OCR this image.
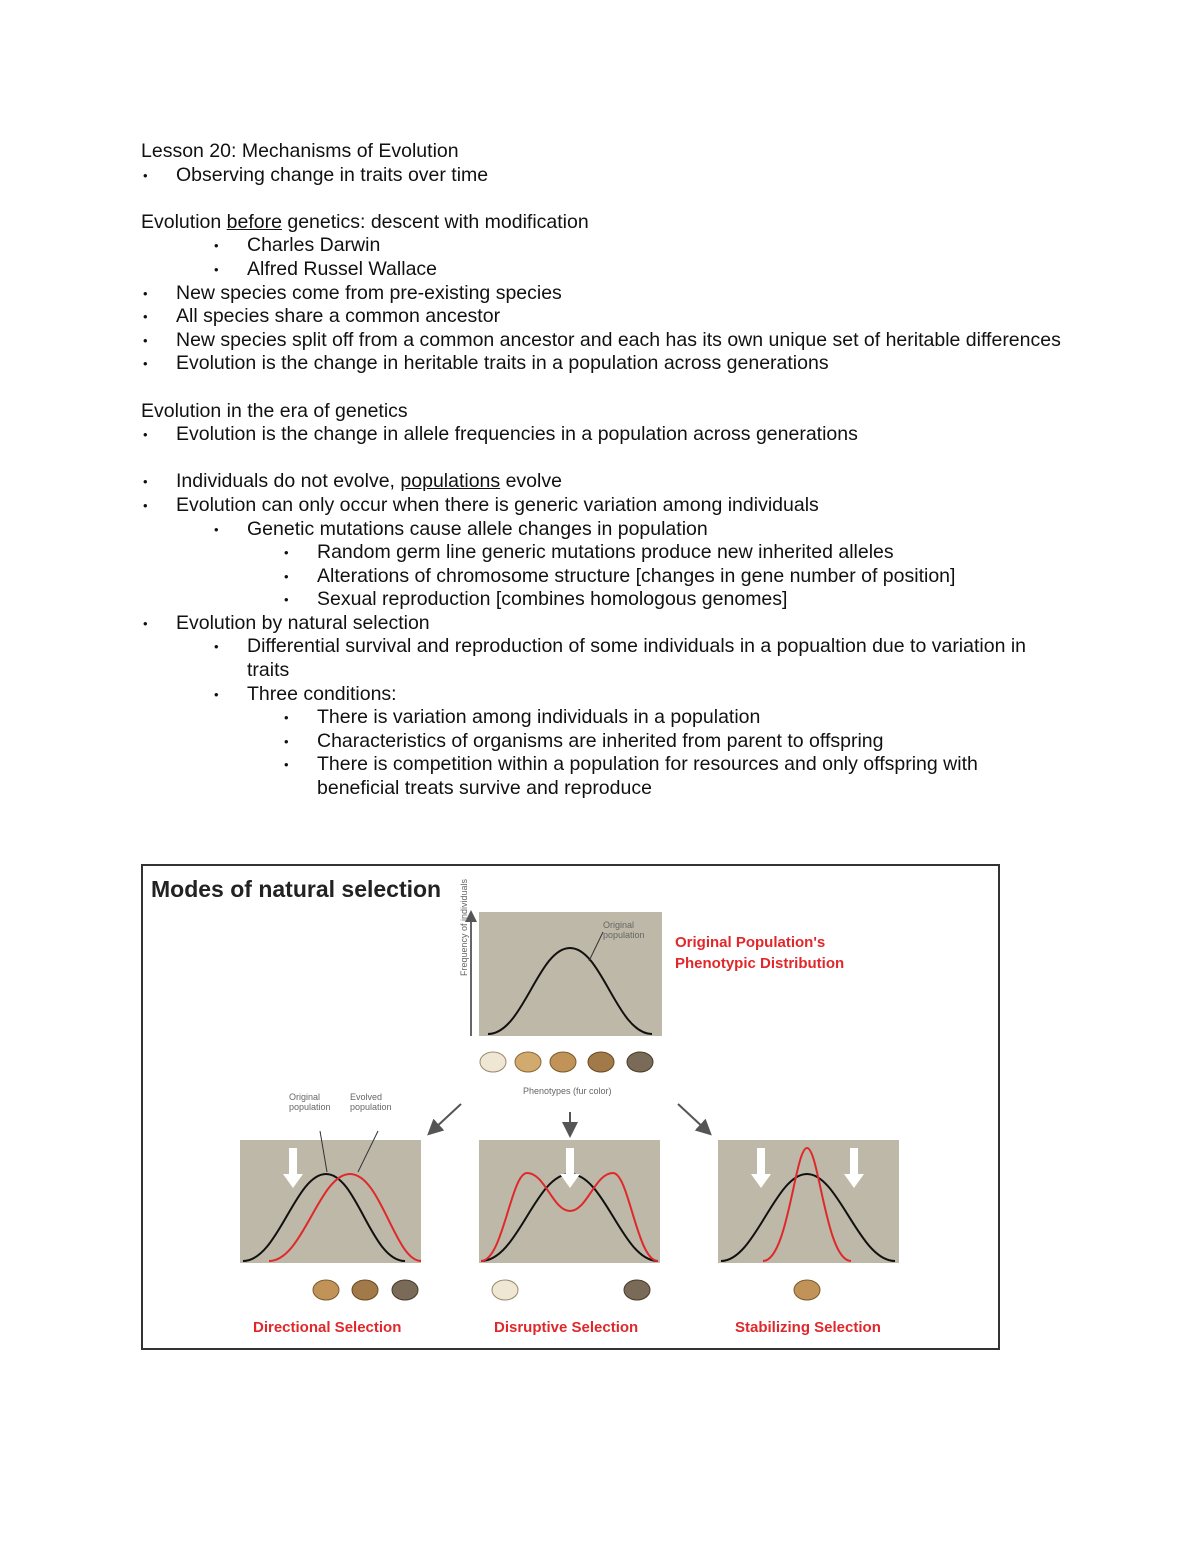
Lesson 20: Mechanisms of Evolution
• Observing change in traits over time
Evolution before genetics: descent with modification
• Charles Darwin
• Alfred Russel Wallace
• New species come from pre-existing species
• All species share a common ancestor
• New species split off from a common ancestor and each has its own unique set of heritable differences
• Evolution is the change in heritable traits in a population across generations
Evolution in the era of genetics
• Evolution is the change in allele frequencies in a population across generations
• Individuals do not evolve, populations evolve
• Evolution can only occur when there is generic variation among individuals
• Genetic mutations cause allele changes in population
• Random germ line generic mutations produce new inherited alleles
• Alterations of chromosome structure [changes in gene number of position]
• Sexual reproduction [combines homologous genomes]
• Evolution by natural selection
• Differential survival and reproduction of some individuals in a popualtion due to variation in traits
• Three conditions:
• There is variation among individuals in a population
• Characteristics of organisms are inherited from parent to offspring
• There is competition within a population for resources and only offspring with beneficial treats survive and reproduce
Modes of natural selection
Original Population's
Phenotypic Distribution
Original
population
Frequency of individuals
Phenotypes (fur color)
Original
population
Evolved
population
Directional Selection	Disruptive Selection	Stabilizing Selection
